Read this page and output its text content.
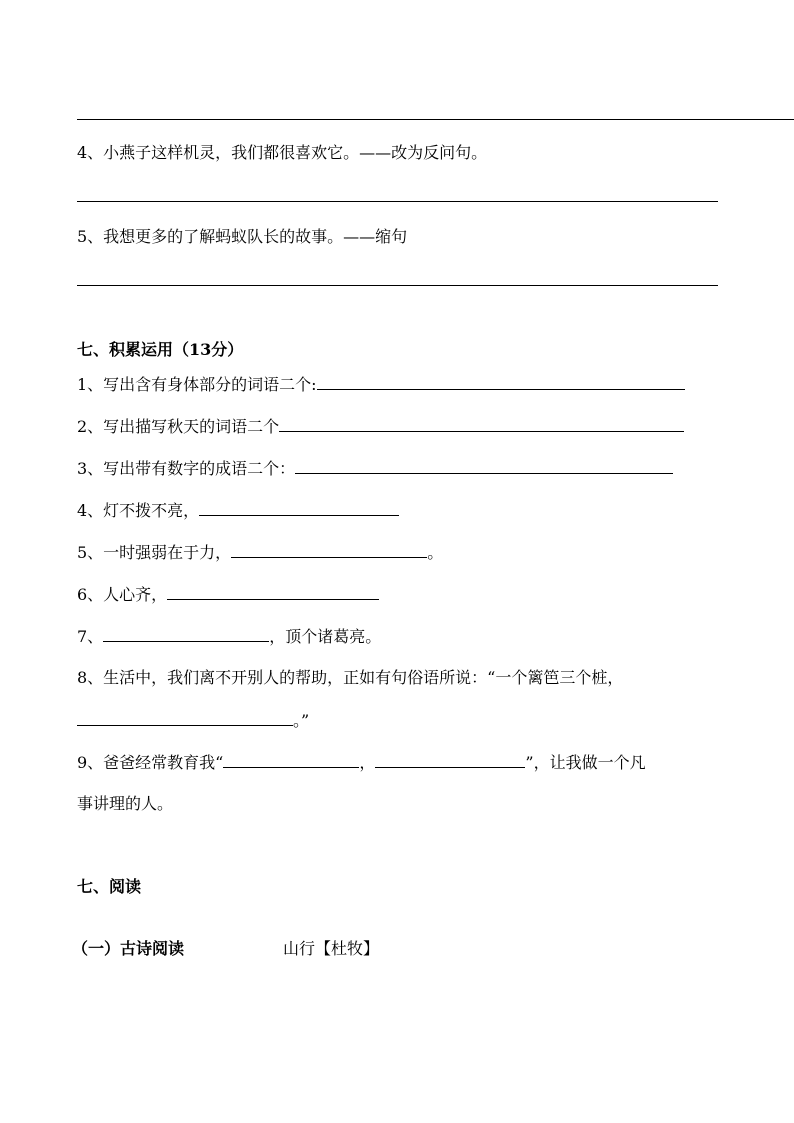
4、小燕子这样机灵，我们都很喜欢它。——改为反问句。
5、我想更多的了解蚂蚁队长的故事。——缩句
七、积累运用（13分）
1、写出含有身体部分的词语二个:
2、写出描写秋天的词语二个
3、写出带有数字的成语二个：
4、灯不拨不亮，
5、一时强弱在于力，	。
6、人心齐，
7、	，顶个诸葛亮。
8、生活中，我们离不开别人的帮助，正如有句俗语所说：“一个篱笆三个桩，
。”
9、爸爸经常教育我“	，	”，让我做一个凡
事讲理的人。
七、阅读
（一）古诗阅读	山行【杜牧】
